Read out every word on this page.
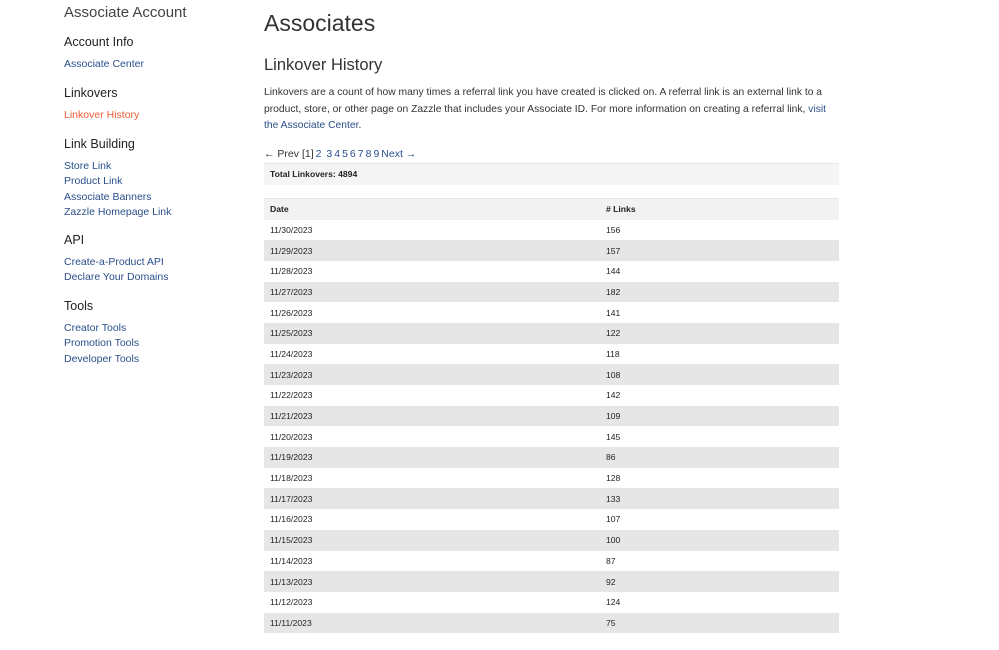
Associate Account
Account Info
Associate Center
Linkovers
Linkover History
Link Building
Store Link
Product Link
Associate Banners
Zazzle Homepage Link
API
Create-a-Product API
Declare Your Domains
Tools
Creator Tools
Promotion Tools
Developer Tools
Associates
Linkover History

Linkovers are a count of how many times a referral link you have created is clicked on. A referral link is an external link to a product, store, or other page on Zazzle that includes your Associate ID. For more information on creating a referral link, visit the Associate Center.

← Prev [1] 2 3 4 5 6 7 8 9 Next →
Total Linkovers: 4894
Date	# Links
11/30/2023	156
11/29/2023	157
11/28/2023	144
11/27/2023	182
11/26/2023	141
11/25/2023	122
11/24/2023	118
11/23/2023	108
11/22/2023	142
11/21/2023	109
11/20/2023	145
11/19/2023	86
11/18/2023	128
11/17/2023	133
11/16/2023	107
11/15/2023	100
11/14/2023	87
11/13/2023	92
11/12/2023	124
11/11/2023	75
